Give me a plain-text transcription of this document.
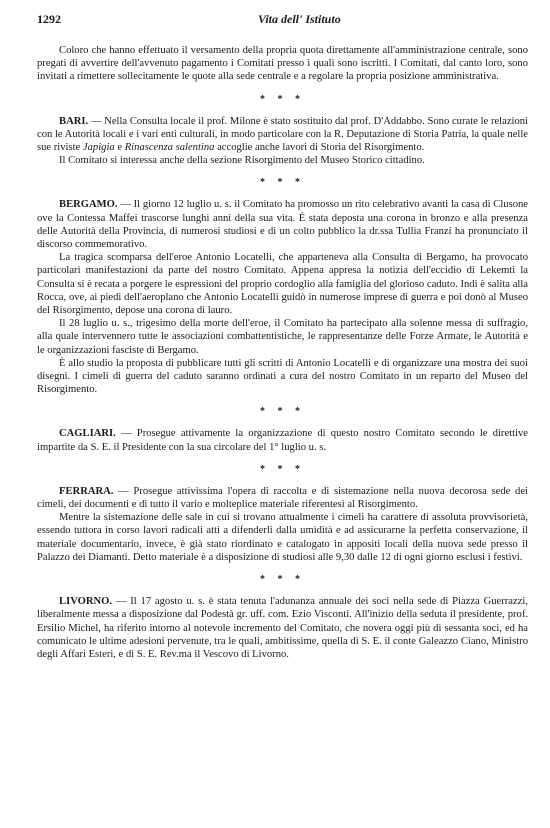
1292	Vita dell' Istituto

Coloro che hanno effettuato il versamento della propria quota direttamente all'amministrazione centrale, sono pregati di avvertire dell'avvenuto pagamento i Comitati presso i quali sono iscritti. I Comitati, dal canto loro, sono invitati a rimettere sollecitamente le quote alla sede centrale e a regolare la propria posizione amministrativa.

* * *

BARI. — Nella Consulta locale il prof. Milone è stato sostituito dal prof. D'Addabbo. Sono curate le relazioni con le Autorità locali e i vari enti culturali, in modo particolare con la R. Deputazione di Storia Patria, la quale nelle sue riviste Japigia e Rinascenza salentina accoglie anche lavori di Storia del Risorgimento.

Il Comitato si interessa anche della sezione Risorgimento del Museo Storico cittadino.

* * *

BERGAMO. — Il giorno 12 luglio u. s. il Comitato ha promosso un rito celebrativo avanti la casa di Clusone ove la Contessa Maffei trascorse lunghi anni della sua vita. È stata deposta una corona in bronzo e alla presenza delle Autorità della Provincia, di numerosi studiosi e di un colto pubblico la dr.ssa Tullia Franzi ha pronunciato il discorso commemorativo.

La tragica scomparsa dell'eroe Antonio Locatelli, che apparteneva alla Consulta di Bergamo, ha provocato particolari manifestazioni da parte del nostro Comitato. Appena appresa la notizia dell'eccidio di Lekemti la Consulta si è recata a porgere le espressioni del proprio cordoglio alla famiglia del glorioso caduto. Indi è salita alla Rocca, ove, ai piedi dell'aeroplano che Antonio Locatelli guidò in numerose imprese di guerra e poi donò al Museo del Risorgimento, depose una corona di lauro.

Il 28 luglio u. s., trigesimo della morte dell'eroe, il Comitato ha partecipato alla solenne messa di suffragio, alla quale intervennero tutte le associazioni combattentistiche, le rappresentanze delle Forze Armate, le Autorità e le organizzazioni fasciste di Bergamo.

È allo studio la proposta di pubblicare tutti gli scritti di Antonio Locatelli e di organizzare una mostra dei suoi disegni. I cimeli di guerra del caduto saranno ordinati a cura del nostro Comitato in un reparto del Museo del Risorgimento.

* * *

CAGLIARI. — Prosegue attivamente la organizzazione di questo nostro Comitato secondo le direttive impartite da S. E. il Presidente con la sua circolare del 1° luglio u. s.

* * *

FERRARA. — Prosegue attivissima l'opera di raccolta e di sistemazione nella nuova decorosa sede dei cimeli, dei documenti e di tutto il vario e molteplice materiale riferentesi al Risorgimento.

Mentre la sistemazione delle sale in cui si trovano attualmente i cimeli ha carattere di assoluta provvisorietà, essendo tuttora in corso lavori radicali atti a difenderli dalla umidità e ad assicurarne la perfetta conservazione, il materiale documentario, invece, è già stato riordinato e catalogato in appositi locali della nuova sede presso il Palazzo dei Diamanti. Detto materiale è a disposizione di studiosi alle 9,30 dalle 12 di ogni giorno esclusi i festivi.

* * *

LIVORNO. — Il 17 agosto u. s. è stata tenuta l'adunanza annuale dei soci nella sede di Piazza Guerrazzi, liberalmente messa a disposizione dal Podestà gr. uff. com. Ezio Visconti. All'inizio della seduta il presidente, prof. Ersilio Michel, ha riferito intorno al notevole incremento del Comitato, che novera oggi più di sessanta soci, ed ha comunicato le ultime adesioni pervenute, tra le quali, ambitissime, quella di S. E. il conte Galeazzo Ciano, Ministro degli Affari Esteri, e di S. E. Rev.ma il Vescovo di Livorno.
